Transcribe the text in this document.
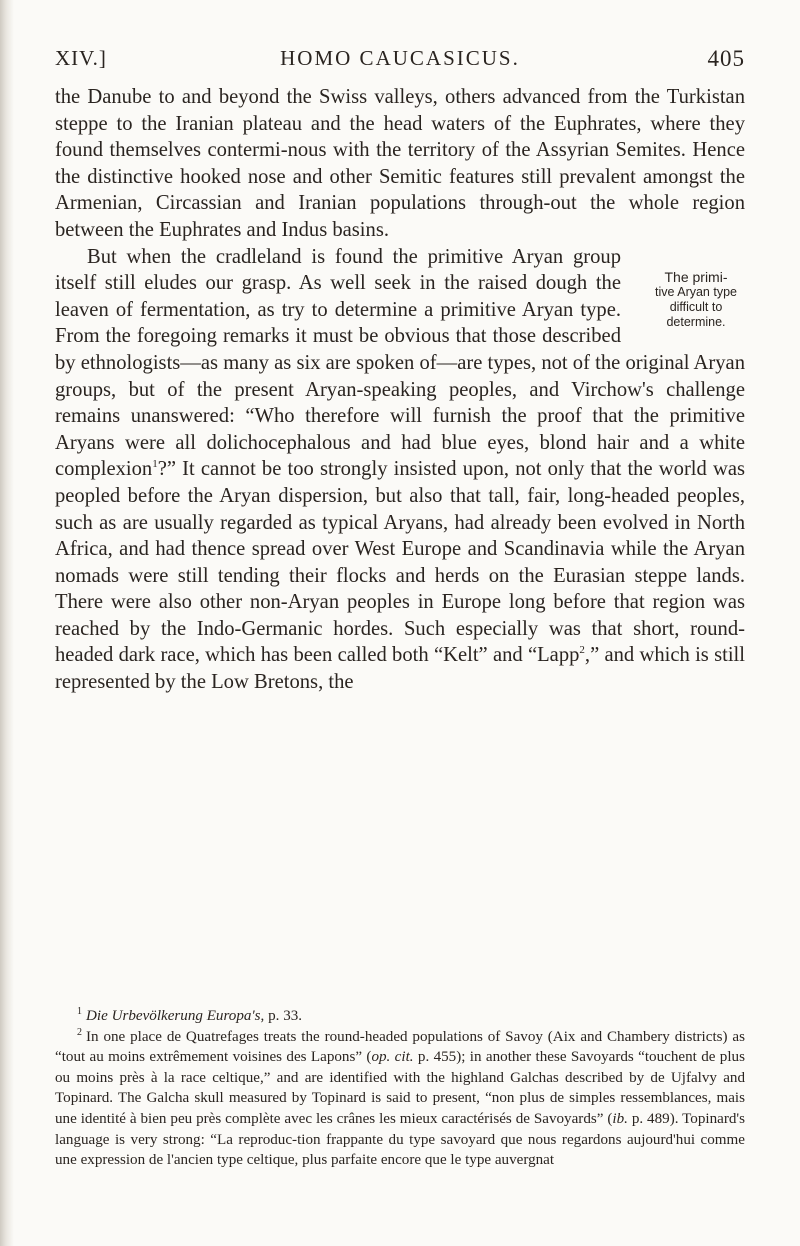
XIV.]	HOMO CAUCASICUS.	405

the Danube to and beyond the Swiss valleys, others advanced from the Turkistan steppe to the Iranian plateau and the head waters of the Euphrates, where they found themselves contermi-nous with the territory of the Assyrian Semites. Hence the distinctive hooked nose and other Semitic features still prevalent amongst the Armenian, Circassian and Iranian populations through-out the whole region between the Euphrates and Indus basins.

The primi-
tive Aryan type
difficult to
determine.
But when the cradleland is found the primitive Aryan group itself still eludes our grasp. As well seek in the raised dough the leaven of fermentation, as try to determine a primitive Aryan type. From the foregoing remarks it must be obvious that those described by ethnologists—as many as six are spoken of—are types, not of the original Aryan groups, but of the present Aryan-speaking peoples, and Virchow's challenge remains unanswered: “Who therefore will furnish the proof that the primitive Aryans were all dolichocephalous and had blue eyes, blond hair and a white complexion$^1$?” It cannot be too strongly insisted upon, not only that the world was peopled before the Aryan dispersion, but also that tall, fair, long-headed peoples, such as are usually regarded as typical Aryans, had already been evolved in North Africa, and had thence spread over West Europe and Scandinavia while the Aryan nomads were still tending their flocks and herds on the Eurasian steppe lands. There were also other non-Aryan peoples in Europe long before that region was reached by the Indo-Germanic hordes. Such especially was that short, round-headed dark race, which has been called both “Kelt” and “Lapp$^2$,” and which is still represented by the Low Bretons, the

$^1$ Die Urbevölkerung Europa's, p. 33.

$^2$ In one place de Quatrefages treats the round-headed populations of Savoy (Aix and Chambery districts) as “tout au moins extrêmement voisines des Lapons” (op. cit. p. 455); in another these Savoyards “touchent de plus ou moins près à la race celtique,” and are identified with the highland Galchas described by de Ujfalvy and Topinard. The Galcha skull measured by Topinard is said to present, “non plus de simples ressemblances, mais une identité à bien peu près complète avec les crânes les mieux caractérisés de Savoyards” (ib. p. 489). Topinard's language is very strong: “La reproduc-tion frappante du type savoyard que nous regardons aujourd'hui comme une expression de l'ancien type celtique, plus parfaite encore que le type auvergnat
